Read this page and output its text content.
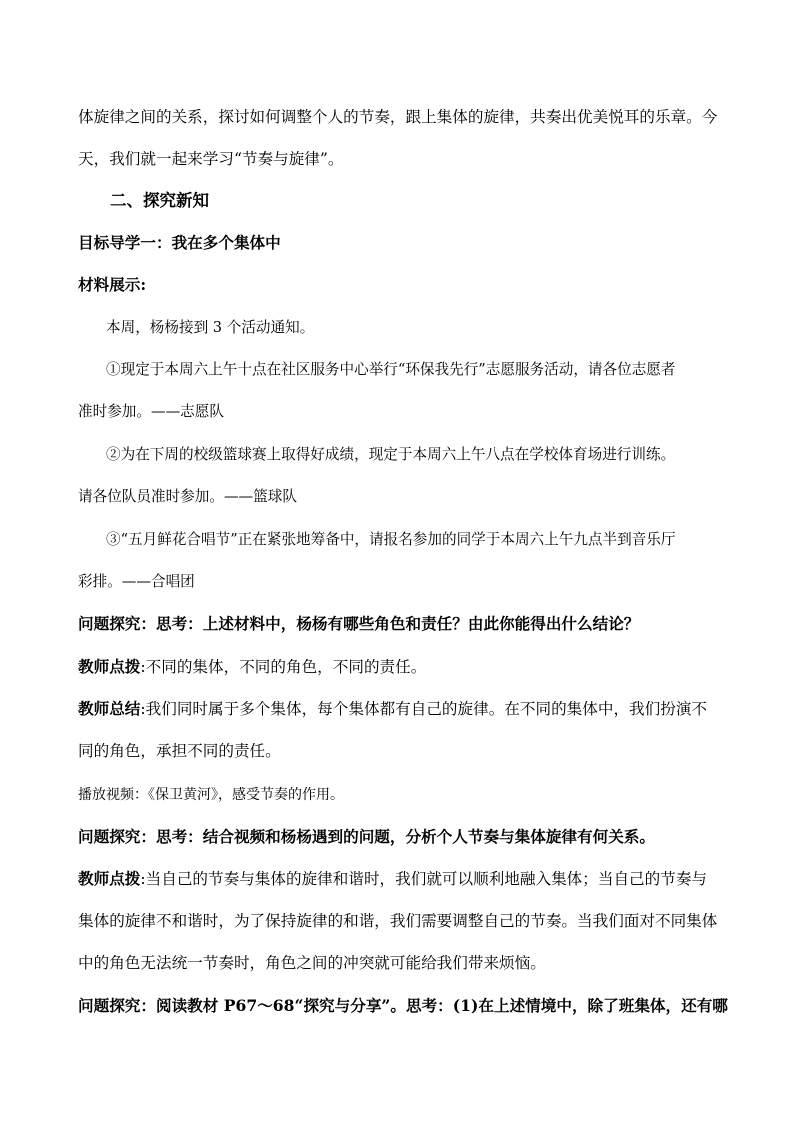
体旋律之间的关系，探讨如何调整个人的节奏，跟上集体的旋律，共奏出优美悦耳的乐章。今
天，我们就一起来学习“节奏与旋律”。
二、探究新知
目标导学一：我在多个集体中
材料展示:
本周，杨杨接到 3 个活动通知。
①现定于本周六上午十点在社区服务中心举行“环保我先行”志愿服务活动，请各位志愿者
准时参加。——志愿队
②为在下周的校级篮球赛上取得好成绩，现定于本周六上午八点在学校体育场进行训练。
请各位队员准时参加。——篮球队
③“五月鲜花合唱节”正在紧张地筹备中，请报名参加的同学于本周六上午九点半到音乐厅
彩排。——合唱团
问题探究：思考：上述材料中，杨杨有哪些角色和责任？由此你能得出什么结论？
教师点拨:不同的集体，不同的角色，不同的责任。
教师总结:我们同时属于多个集体，每个集体都有自己的旋律。在不同的集体中，我们扮演不
同的角色，承担不同的责任。
播放视频：《保卫黄河》，感受节奏的作用。
问题探究：思考：结合视频和杨杨遇到的问题，分析个人节奏与集体旋律有何关系。
教师点拨:当自己的节奏与集体的旋律和谐时，我们就可以顺利地融入集体；当自己的节奏与
集体的旋律不和谐时，为了保持旋律的和谐，我们需要调整自己的节奏。当我们面对不同集体
中的角色无法统一节奏时，角色之间的冲突就可能给我们带来烦恼。
问题探究：阅读教材 P67～68“探究与分享”。思考：(1)在上述情境中，除了班集体，还有哪
